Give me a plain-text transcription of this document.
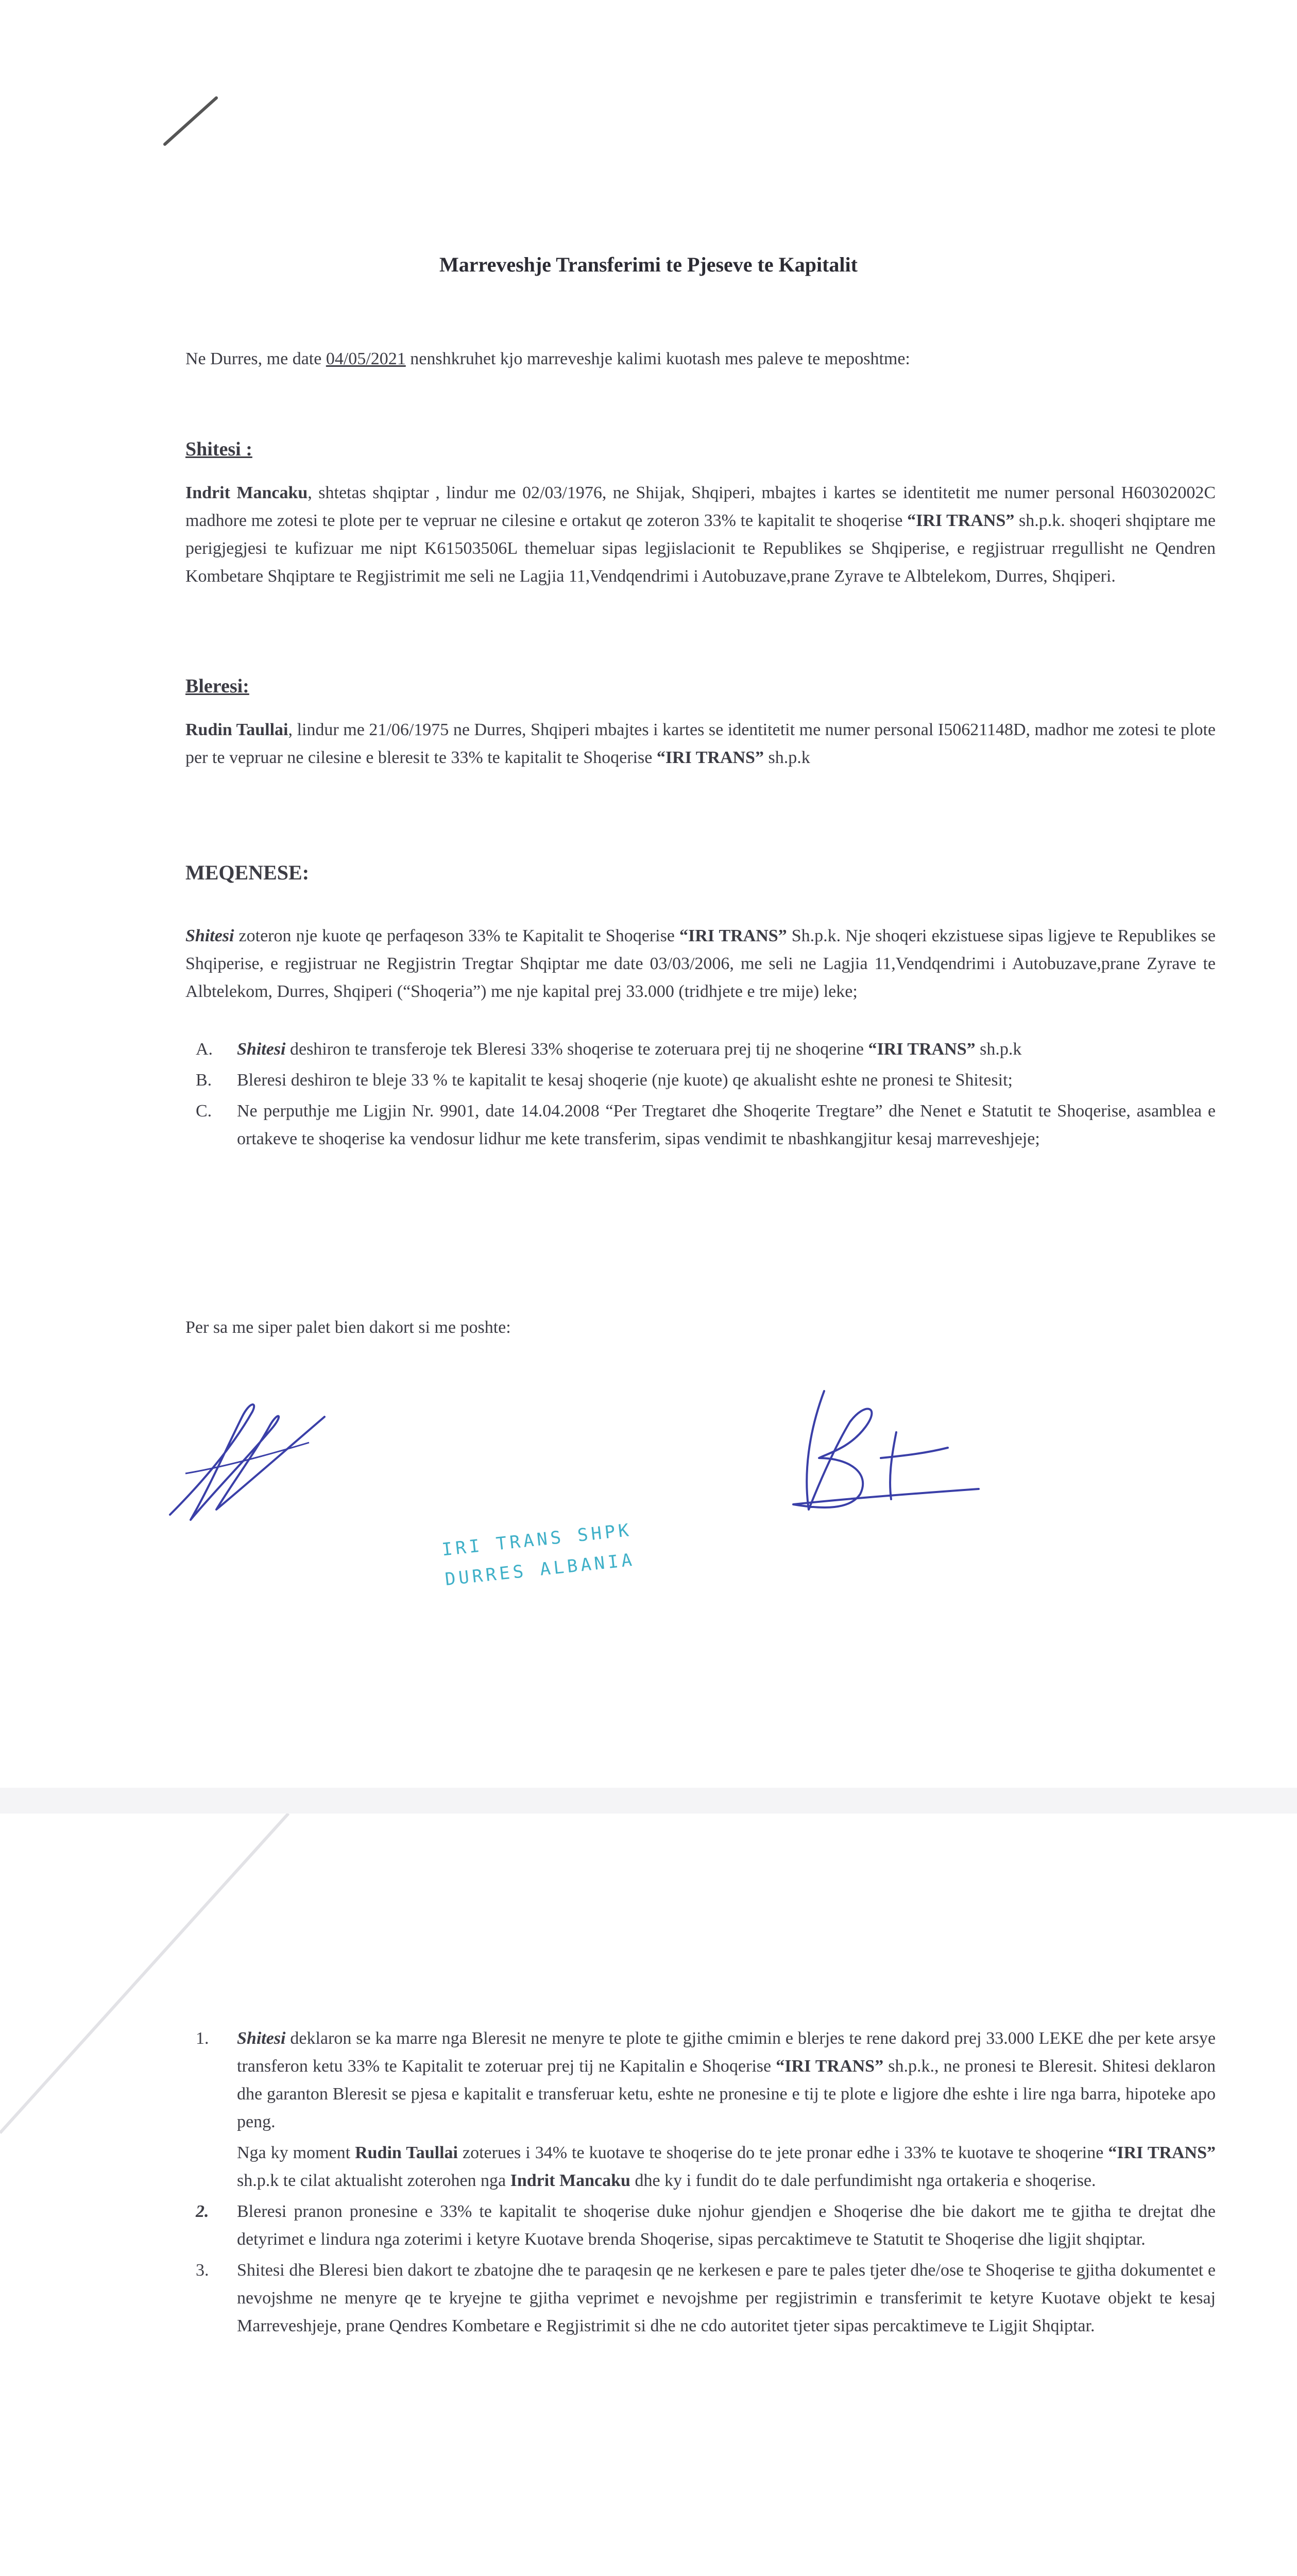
Marreveshje Transferimi te Pjeseve te Kapitalit
Ne Durres, me date 04/05/2021 nenshkruhet kjo marreveshje kalimi kuotash mes paleve te meposhtme:
Shitesi :
Indrit Mancaku, shtetas shqiptar , lindur me 02/03/1976, ne Shijak, Shqiperi, mbajtes i kartes se identitetit me numer personal H60302002C madhore me zotesi te plote per te vepruar ne cilesine e ortakut qe zoteron 33% te kapitalit te shoqerise “IRI TRANS” sh.p.k. shoqeri shqiptare me perigjegjesi te kufizuar me nipt K61503506L themeluar sipas legjislacionit te Republikes se Shqiperise, e regjistruar rregullisht ne Qendren Kombetare Shqiptare te Regjistrimit me seli ne Lagjia 11,Vendqendrimi i Autobuzave,prane Zyrave te Albtelekom, Durres, Shqiperi.
Bleresi:
Rudin Taullai, lindur me 21/06/1975 ne Durres, Shqiperi mbajtes i kartes se identitetit me numer personal I50621148D, madhor me zotesi te plote per te vepruar ne cilesine e bleresit te 33% te kapitalit te Shoqerise “IRI TRANS” sh.p.k
MEQENESE:
Shitesi zoteron nje kuote qe perfaqeson 33% te Kapitalit te Shoqerise “IRI TRANS” Sh.p.k. Nje shoqeri ekzistuese sipas ligjeve te Republikes se Shqiperise, e regjistruar ne Regjistrin Tregtar Shqiptar me date 03/03/2006, me seli ne Lagjia 11,Vendqendrimi i Autobuzave,prane Zyrave te Albtelekom, Durres, Shqiperi (“Shoqeria”) me nje kapital prej 33.000 (tridhjete e tre mije) leke;
A. Shitesi deshiron te transferoje tek Bleresi 33% shoqerise te zoteruara prej tij ne shoqerine “IRI TRANS” sh.p.k
B. Bleresi deshiron te bleje 33 % te kapitalit te kesaj shoqerie (nje kuote) qe akualisht eshte ne pronesi te Shitesit;
C. Ne perputhje me Ligjin Nr. 9901, date 14.04.2008 “Per Tregtaret dhe Shoqerite Tregtare” dhe Nenet e Statutit te Shoqerise, asamblea e ortakeve te shoqerise ka vendosur lidhur me kete transferim, sipas vendimit te nbashkangjitur kesaj marreveshjeje;
Per sa me siper palet bien dakort si me poshte:
IRI TRANS SHPK
DURRES ALBANIA
1. Shitesi deklaron se ka marre nga Bleresit ne menyre te plote te gjithe cmimin e blerjes te rene dakord prej 33.000 LEKE dhe per kete arsye transferon ketu 33% te Kapitalit te zoteruar prej tij ne Kapitalin e Shoqerise “IRI TRANS” sh.p.k., ne pronesi te Bleresit. Shitesi deklaron dhe garanton Bleresit se pjesa e kapitalit e transferuar ketu, eshte ne pronesine e tij te plote e ligjore dhe eshte i lire nga barra, hipoteke apo peng.
Nga ky moment Rudin Taullai zoterues i 34% te kuotave te shoqerise do te jete pronar edhe i 33% te kuotave te shoqerine “IRI TRANS” sh.p.k te cilat aktualisht zoterohen nga Indrit Mancaku dhe ky i fundit do te dale perfundimisht nga ortakeria e shoqerise.
2. Bleresi pranon pronesine e 33% te kapitalit te shoqerise duke njohur gjendjen e Shoqerise dhe bie dakort me te gjitha te drejtat dhe detyrimet e lindura nga zoterimi i ketyre Kuotave brenda Shoqerise, sipas percaktimeve te Statutit te Shoqerise dhe ligjit shqiptar.
3. Shitesi dhe Bleresi bien dakort te zbatojne dhe te paraqesin qe ne kerkesen e pare te pales tjeter dhe/ose te Shoqerise te gjitha dokumentet e nevojshme ne menyre qe te kryejne te gjitha veprimet e nevojshme per regjistrimin e transferimit te ketyre Kuotave objekt te kesaj Marreveshjeje, prane Qendres Kombetare e Regjistrimit si dhe ne cdo autoritet tjeter sipas percaktimeve te Ligjit Shqiptar.
